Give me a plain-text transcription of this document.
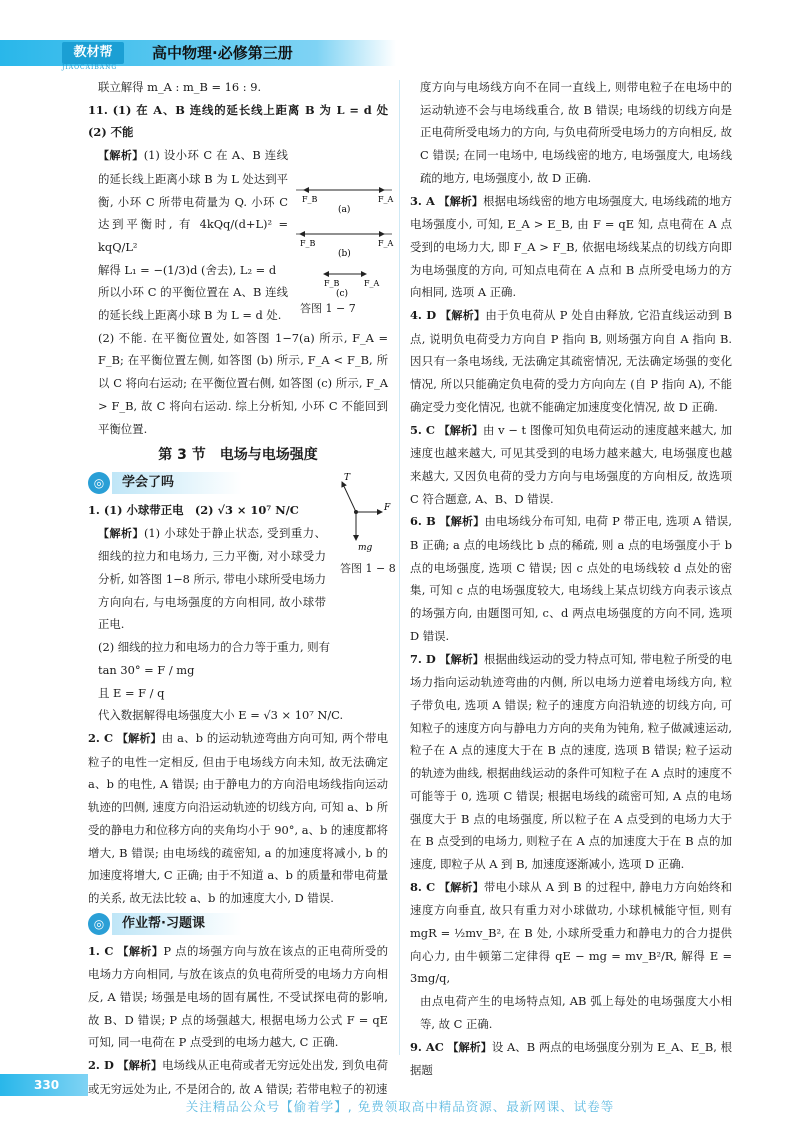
教材帮
JIAOCAIBANG
高中物理·必修第三册
联立解得 m_A : m_B = 16 : 9.
11. (1) 在 A、B 连线的延长线上距离 B 为 L = d 处　(2) 不能
【解析】(1) 设小环 C 在 A、B 连线的延长线上距离小球 B 为 L 处达到平衡, 小环 C 所带电荷量为 Q. 小环 C 达到平衡时, 有 4kQq/(d+L)² = kqQ/L²
解得 L₁ = −(1/3)d (舍去), L₂ = d
所以小环 C 的平衡位置在 A、B 连线的延长线上距离小球 B 为 L = d 处.
(2) 不能. 在平衡位置处, 如答图 1−7(a) 所示, F_A = F_B; 在平衡位置左侧, 如答图 (b) 所示, F_A < F_B, 所以 C 将向右运动; 在平衡位置右侧, 如答图 (c) 所示, F_A > F_B, 故 C 将向右运动. 综上分析知, 小环 C 不能回到平衡位置.
第 3 节　电场与电场强度
◎	学会了吗
1. (1) 小球带正电　(2) √3 × 10⁷ N/C
【解析】(1) 小球处于静止状态, 受到重力、细线的拉力和电场力, 三力平衡, 对小球受力分析, 如答图 1−8 所示, 带电小球所受电场力方向向右, 与电场强度的方向相同, 故小球带正电.
(2) 细线的拉力和电场力的合力等于重力, 则有
tan 30° = F / mg
且 E = F / q
代入数据解得电场强度大小 E = √3 × 10⁷ N/C.
2. C 【解析】由 a、b 的运动轨迹弯曲方向可知, 两个带电粒子的电性一定相反, 但由于电场线方向未知, 故无法确定 a、b 的电性, A 错误; 由于静电力的方向沿电场线指向运动轨迹的凹侧, 速度方向沿运动轨迹的切线方向, 可知 a、b 所受的静电力和位移方向的夹角均小于 90°, a、b 的速度都将增大, B 错误; 由电场线的疏密知, a 的加速度将减小, b 的加速度将增大, C 正确; 由于不知道 a、b 的质量和带电荷量的关系, 故无法比较 a、b 的加速度大小, D 错误.
◎	作业帮·习题课
1. C 【解析】P 点的场强方向与放在该点的正电荷所受的电场力方向相同, 与放在该点的负电荷所受的电场力方向相反, A 错误; 场强是电场的固有属性, 不受试探电荷的影响, 故 B、D 错误; P 点的场强越大, 根据电场力公式 F = qE 可知, 同一电荷在 P 点受到的电场力越大, C 正确.
2. D 【解析】电场线从正电荷或者无穷远处出发, 到负电荷或无穷远处为止, 不是闭合的, 故 A 错误; 若带电粒子的初速
F_B	F_A
(a)
F_B	F_A
(b)
F_B	F_A
(c)
答图 1 − 7
T
F
mg
答图 1 − 8
度方向与电场线方向不在同一直线上, 则带电粒子在电场中的运动轨迹不会与电场线重合, 故 B 错误; 电场线的切线方向是正电荷所受电场力的方向, 与负电荷所受电场力的方向相反, 故 C 错误; 在同一电场中, 电场线密的地方, 电场强度大, 电场线疏的地方, 电场强度小, 故 D 正确.
3. A 【解析】根据电场线密的地方电场强度大, 电场线疏的地方电场强度小, 可知, E_A > E_B, 由 F = qE 知, 点电荷在 A 点受到的电场力大, 即 F_A > F_B, 依据电场线某点的切线方向即为电场强度的方向, 可知点电荷在 A 点和 B 点所受电场力的方向相同, 选项 A 正确.
4. D 【解析】由于负电荷从 P 处自由释放, 它沿直线运动到 B 点, 说明负电荷受力方向自 P 指向 B, 则场强方向自 A 指向 B. 因只有一条电场线, 无法确定其疏密情况, 无法确定场强的变化情况, 所以只能确定负电荷的受力方向向左 (自 P 指向 A), 不能确定受力变化情况, 也就不能确定加速度变化情况, 故 D 正确.
5. C 【解析】由 v − t 图像可知负电荷运动的速度越来越大, 加速度也越来越大, 可见其受到的电场力越来越大, 电场强度也越来越大, 又因负电荷的受力方向与电场强度的方向相反, 故选项 C 符合题意, A、B、D 错误.
6. B 【解析】由电场线分布可知, 电荷 P 带正电, 选项 A 错误, B 正确; a 点的电场线比 b 点的稀疏, 则 a 点的电场强度小于 b 点的电场强度, 选项 C 错误; 因 c 点处的电场线较 d 点处的密集, 可知 c 点的电场强度较大, 电场线上某点切线方向表示该点的场强方向, 由题图可知, c、d 两点电场强度的方向不同, 选项 D 错误.
7. D 【解析】根据曲线运动的受力特点可知, 带电粒子所受的电场力指向运动轨迹弯曲的内侧, 所以电场力逆着电场线方向, 粒子带负电, 选项 A 错误; 粒子的速度方向沿轨迹的切线方向, 可知粒子的速度方向与静电力方向的夹角为钝角, 粒子做减速运动, 粒子在 A 点的速度大于在 B 点的速度, 选项 B 错误; 粒子运动的轨迹为曲线, 根据曲线运动的条件可知粒子在 A 点时的速度不可能等于 0, 选项 C 错误; 根据电场线的疏密可知, A 点的电场强度大于 B 点的电场强度, 所以粒子在 A 点受到的电场力大于在 B 点受到的电场力, 则粒子在 A 点的加速度大于在 B 点的加速度, 即粒子从 A 到 B, 加速度逐渐减小, 选项 D 正确.
8. C 【解析】带电小球从 A 到 B 的过程中, 静电力方向始终和速度方向垂直, 故只有重力对小球做功, 小球机械能守恒, 则有 mgR = ½mv_B², 在 B 处, 小球所受重力和静电力的合力提供向心力, 由牛顿第二定律得 qE − mg = mv_B²/R, 解得 E = 3mg/q,
由点电荷产生的电场特点知, AB 弧上每处的电场强度大小相等, 故 C 正确.
9. AC 【解析】设 A、B 两点的电场强度分别为 E_A、E_B, 根据题
330
关注精品公众号【偷着学】, 免费领取高中精品资源、最新网课、试卷等
